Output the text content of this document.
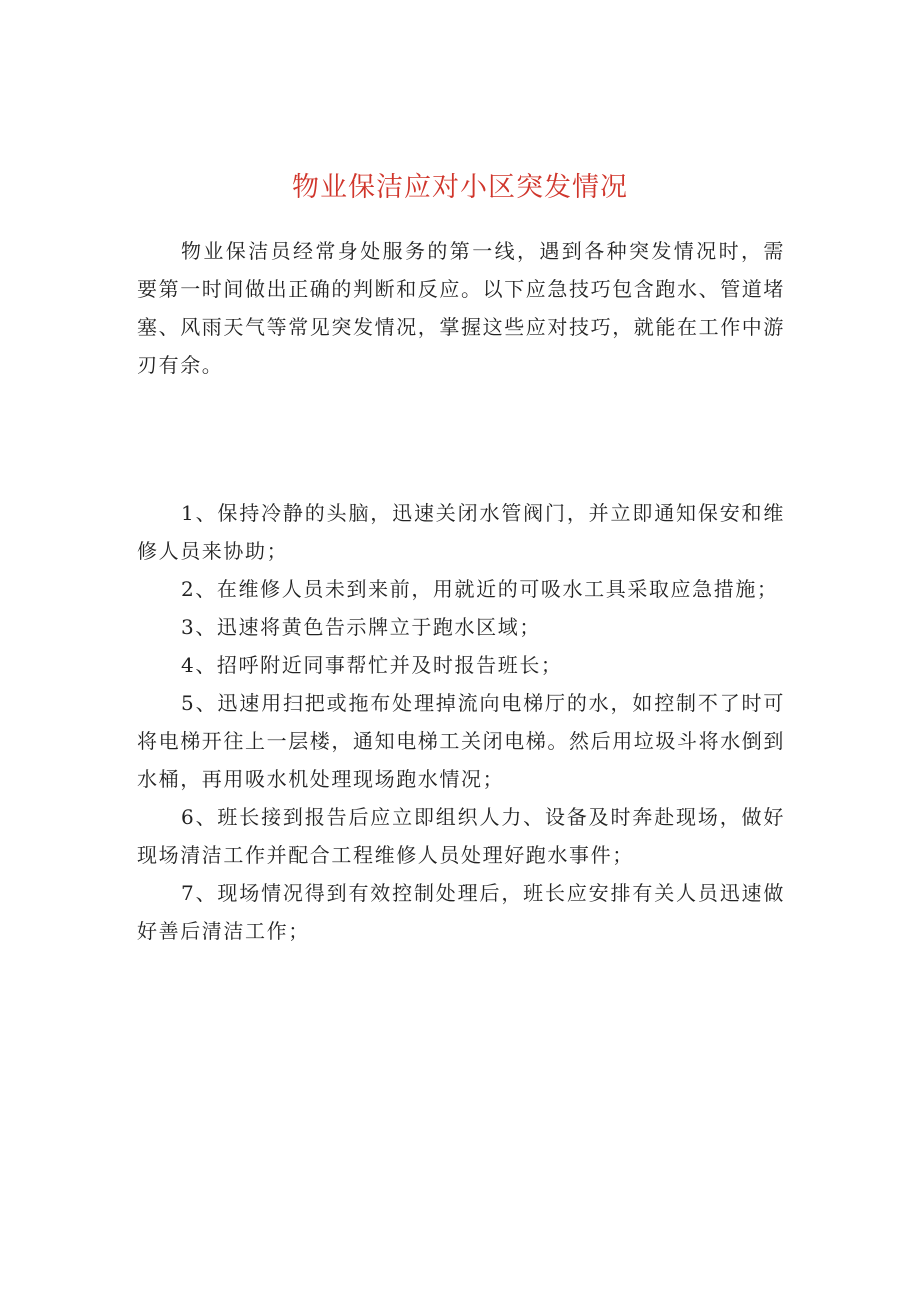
物业保洁应对小区突发情况

物业保洁员经常身处服务的第一线，遇到各种突发情况时，需要第一时间做出正确的判断和反应。以下应急技巧包含跑水、管道堵塞、风雨天气等常见突发情况，掌握这些应对技巧，就能在工作中游刃有余。

1、保持冷静的头脑，迅速关闭水管阀门，并立即通知保安和维修人员来协助；
2、在维修人员未到来前，用就近的可吸水工具采取应急措施；
3、迅速将黄色告示牌立于跑水区域；
4、招呼附近同事帮忙并及时报告班长；
5、迅速用扫把或拖布处理掉流向电梯厅的水，如控制不了时可将电梯开往上一层楼，通知电梯工关闭电梯。然后用垃圾斗将水倒到水桶，再用吸水机处理现场跑水情况；
6、班长接到报告后应立即组织人力、设备及时奔赴现场，做好现场清洁工作并配合工程维修人员处理好跑水事件；
7、现场情况得到有效控制处理后，班长应安排有关人员迅速做好善后清洁工作；
